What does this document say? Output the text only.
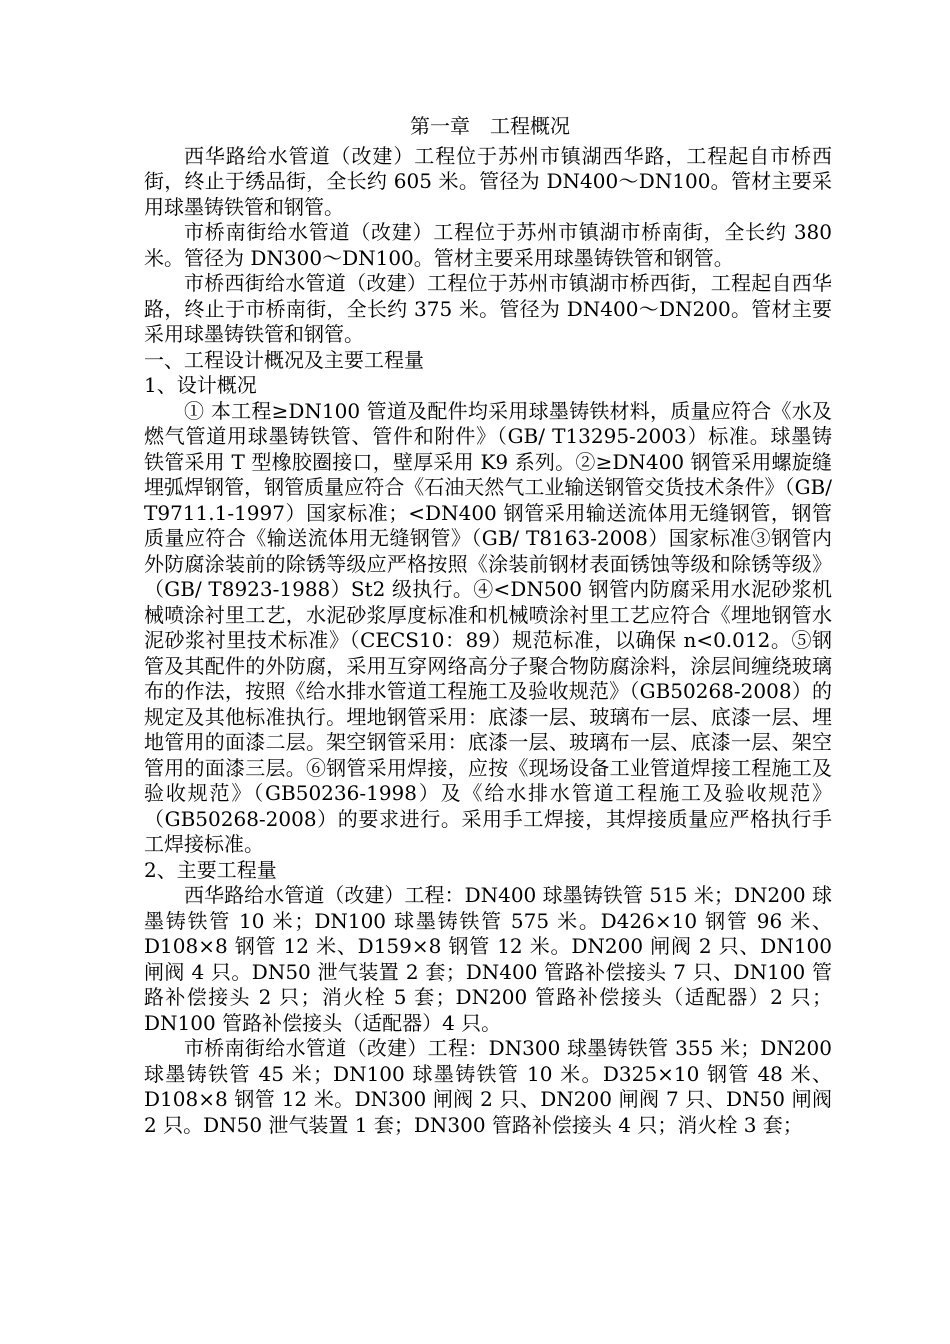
第一章　工程概况

西华路给水管道（改建）工程位于苏州市镇湖西华路，工程起自市桥西街，终止于绣品街，全长约 605 米。管径为 DN400～DN100。管材主要采用球墨铸铁管和钢管。

市桥南街给水管道（改建）工程位于苏州市镇湖市桥南街，全长约 380 米。管径为 DN300～DN100。管材主要采用球墨铸铁管和钢管。

市桥西街给水管道（改建）工程位于苏州市镇湖市桥西街，工程起自西华路，终止于市桥南街，全长约 375 米。管径为 DN400～DN200。管材主要采用球墨铸铁管和钢管。

一、工程设计概况及主要工程量
1、设计概况

① 本工程≥DN100 管道及配件均采用球墨铸铁材料，质量应符合《水及燃气管道用球墨铸铁管、管件和附件》（GB/ T13295-2003）标准。球墨铸铁管采用 T 型橡胶圈接口，壁厚采用 K9 系列。②≥DN400 钢管采用螺旋缝埋弧焊钢管，钢管质量应符合《石油天然气工业输送钢管交货技术条件》（GB/ T9711.1-1997）国家标准；<DN400 钢管采用输送流体用无缝钢管，钢管质量应符合《输送流体用无缝钢管》（GB/ T8163-2008）国家标准③钢管内外防腐涂装前的除锈等级应严格按照《涂装前钢材表面锈蚀等级和除锈等级》（GB/ T8923-1988）St2 级执行。④<DN500 钢管内防腐采用水泥砂浆机械喷涂衬里工艺，水泥砂浆厚度标准和机械喷涂衬里工艺应符合《埋地钢管水泥砂浆衬里技术标准》（CECS10：89）规范标准，以确保 n<0.012。⑤钢管及其配件的外防腐，采用互穿网络高分子聚合物防腐涂料，涂层间缠绕玻璃布的作法，按照《给水排水管道工程施工及验收规范》（GB50268-2008）的规定及其他标准执行。埋地钢管采用：底漆一层、玻璃布一层、底漆一层、埋地管用的面漆二层。架空钢管采用：底漆一层、玻璃布一层、底漆一层、架空管用的面漆三层。⑥钢管采用焊接，应按《现场设备工业管道焊接工程施工及验收规范》（GB50236-1998）及《给水排水管道工程施工及验收规范》（GB50268-2008）的要求进行。采用手工焊接，其焊接质量应严格执行手工焊接标准。

2、主要工程量

西华路给水管道（改建）工程：DN400 球墨铸铁管 515 米；DN200 球墨铸铁管 10 米；DN100 球墨铸铁管 575 米。D426×10 钢管 96 米、D108×8 钢管 12 米、D159×8 钢管 12 米。DN200 闸阀 2 只、DN100 闸阀 4 只。DN50 泄气装置 2 套；DN400 管路补偿接头 7 只、DN100 管路补偿接头 2 只；消火栓 5 套；DN200 管路补偿接头（适配器）2 只；DN100 管路补偿接头（适配器）4 只。

市桥南街给水管道（改建）工程：DN300 球墨铸铁管 355 米；DN200 球墨铸铁管 45 米；DN100 球墨铸铁管 10 米。D325×10 钢管 48 米、D108×8 钢管 12 米。DN300 闸阀 2 只、DN200 闸阀 7 只、DN50 闸阀 2 只。DN50 泄气装置 1 套；DN300 管路补偿接头 4 只；消火栓 3 套；
